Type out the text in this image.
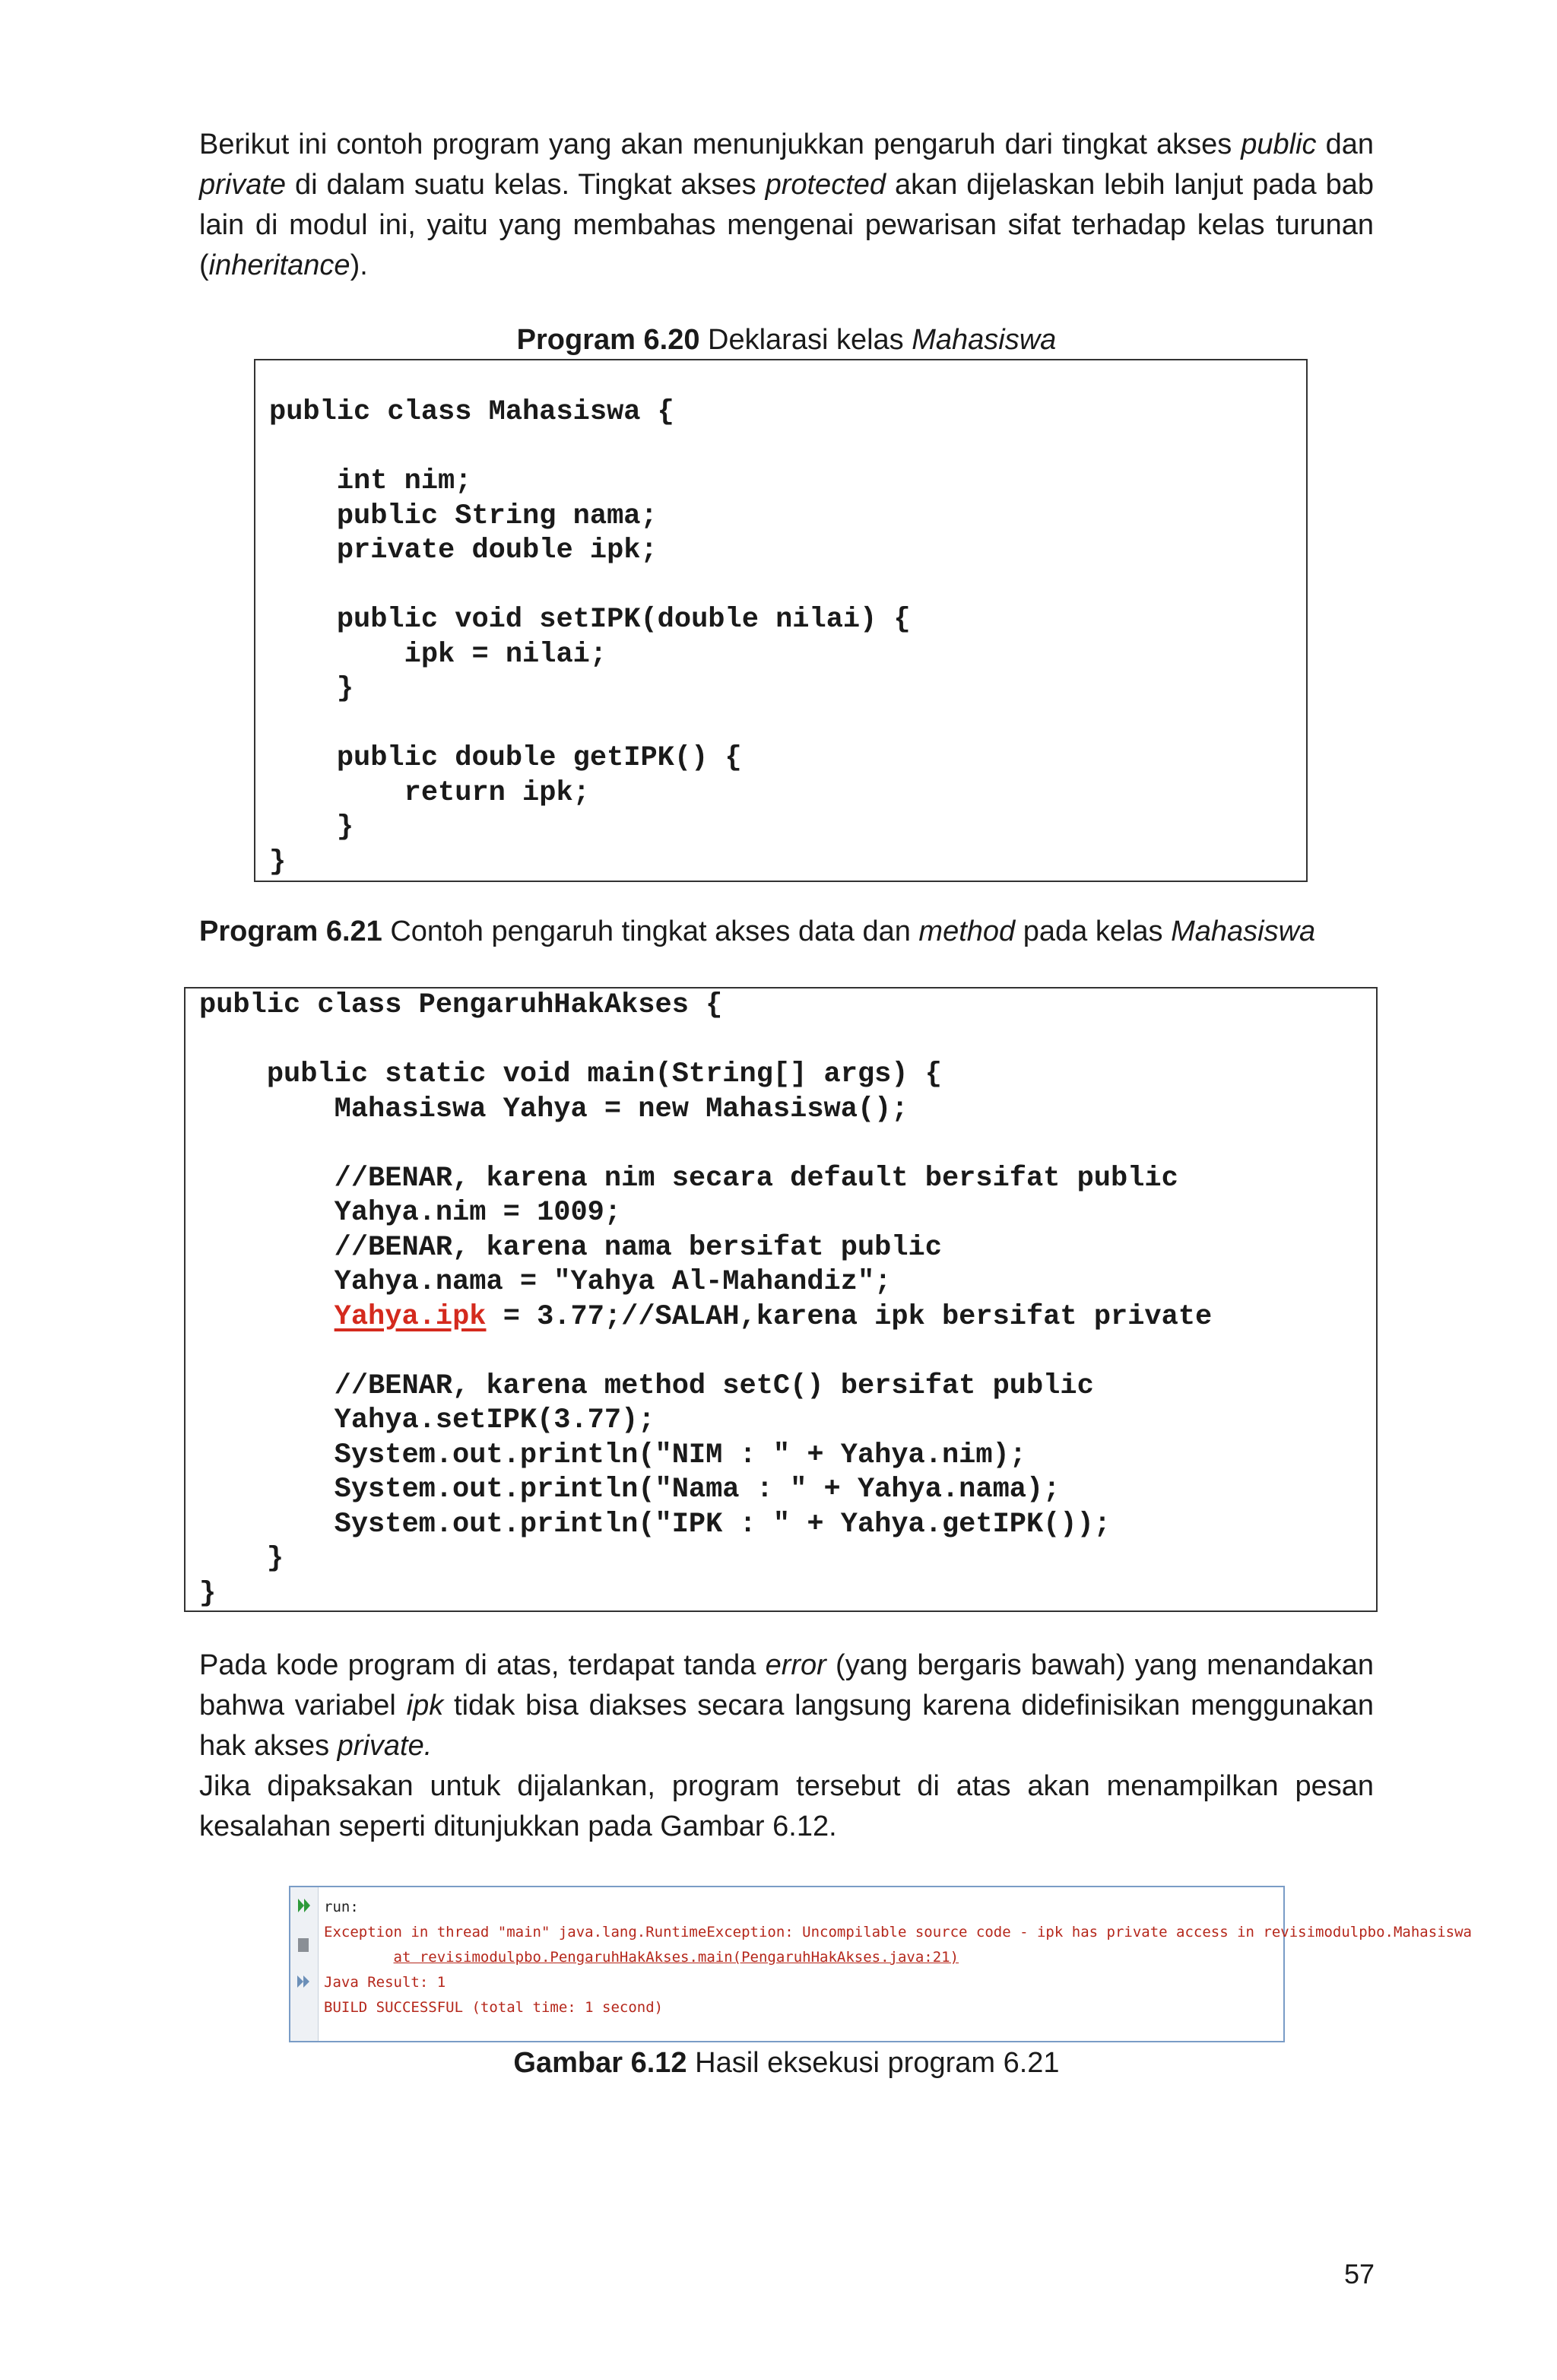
Berikut ini contoh program yang akan menunjukkan pengaruh dari tingkat akses public dan private di dalam suatu kelas. Tingkat akses protected akan dijelaskan lebih lanjut pada bab lain di modul ini, yaitu yang membahas mengenai pewarisan sifat terhadap kelas turunan (inheritance).

Program 6.20 Deklarasi kelas Mahasiswa
public class Mahasiswa {

int nim;
public String nama;
private double ipk;

public void setIPK(double nilai) {
ipk = nilai;
}

public double getIPK() {
return ipk;
}
}

Program 6.21 Contoh pengaruh tingkat akses data dan method pada kelas Mahasiswa

public class PengaruhHakAkses {

public static void main(String[] args) {
Mahasiswa Yahya = new Mahasiswa();

//BENAR, karena nim secara default bersifat public
Yahya.nim = 1009;
//BENAR, karena nama bersifat public
Yahya.nama = "Yahya Al-Mahandiz";
Yahya.ipk = 3.77;//SALAH,karena ipk bersifat private

//BENAR, karena method setC() bersifat public
Yahya.setIPK(3.77);
System.out.println("NIM : " + Yahya.nim);
System.out.println("Nama : " + Yahya.nama);
System.out.println("IPK : " + Yahya.getIPK());
}
}

Pada kode program di atas, terdapat tanda error (yang bergaris bawah) yang menandakan bahwa variabel ipk tidak bisa diakses secara langsung karena didefinisikan menggunakan hak akses private.

Jika dipaksakan untuk dijalankan, program tersebut di atas akan menampilkan pesan kesalahan seperti ditunjukkan pada Gambar 6.12.

run:
Exception in thread "main" java.lang.RuntimeException: Uncompilable source code - ipk has private access in revisimodulpbo.Mahasiswa
at revisimodulpbo.PengaruhHakAkses.main(PengaruhHakAkses.java:21)
Java Result: 1
BUILD SUCCESSFUL (total time: 1 second)
Gambar 6.12 Hasil eksekusi program 6.21
57
